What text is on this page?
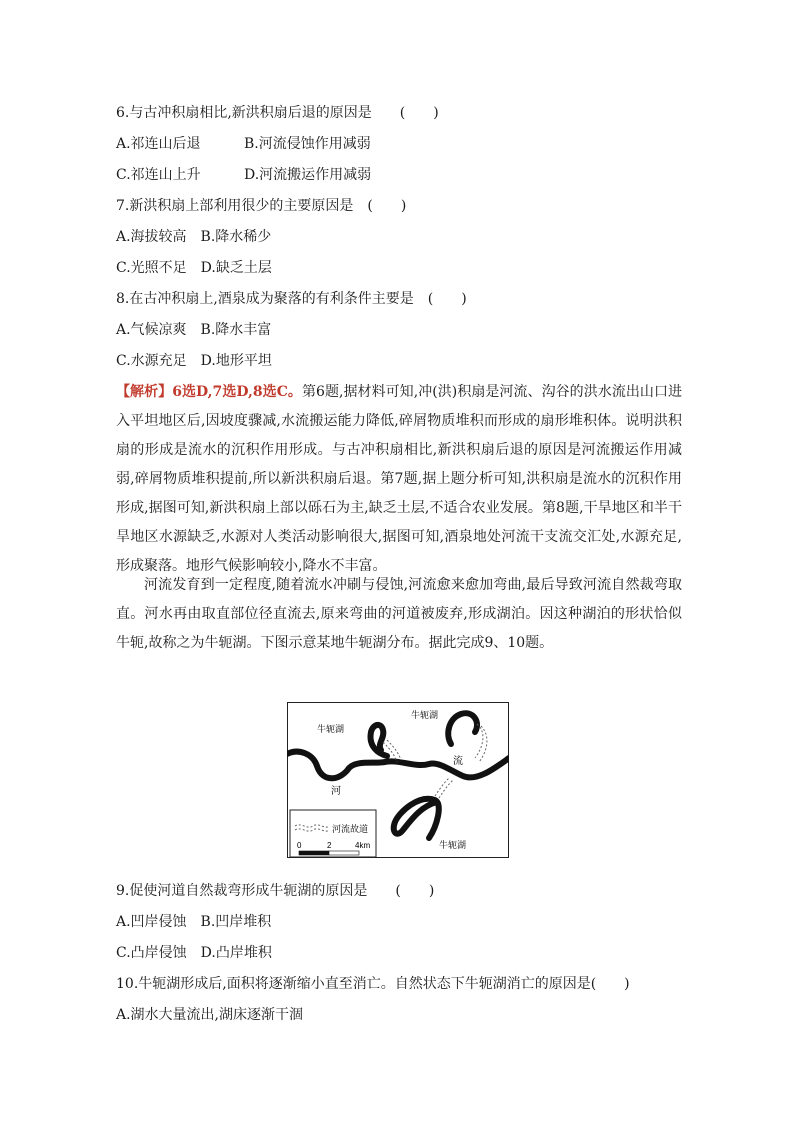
6.与古冲积扇相比,新洪积扇后退的原因是　　(　　)
A.祁连山后退	B.河流侵蚀作用减弱
C.祁连山上升	D.河流搬运作用减弱
7.新洪积扇上部利用很少的主要原因是　(　　)
A.海拔较高　B.降水稀少
C.光照不足　D.缺乏土层
8.在古冲积扇上,酒泉成为聚落的有利条件主要是　(　　)
A.气候凉爽　B.降水丰富
C.水源充足　D.地形平坦
【解析】6选D,7选D,8选C。第6题,据材料可知,冲(洪)积扇是河流、沟谷的洪水流出山口进入平坦地区后,因坡度骤减,水流搬运能力降低,碎屑物质堆积而形成的扇形堆积体。说明洪积扇的形成是流水的沉积作用形成。与古冲积扇相比,新洪积扇后退的原因是河流搬运作用减弱,碎屑物质堆积提前,所以新洪积扇后退。第7题,据上题分析可知,洪积扇是流水的沉积作用形成,据图可知,新洪积扇上部以砾石为主,缺乏土层,不适合农业发展。第8题,干旱地区和半干旱地区水源缺乏,水源对人类活动影响很大,据图可知,酒泉地处河流干支流交汇处,水源充足,形成聚落。地形气候影响较小,降水不丰富。
河流发育到一定程度,随着流水冲刷与侵蚀,河流愈来愈加弯曲,最后导致河流自然裁弯取直。河水再由取直部位径直流去,原来弯曲的河道被废弃,形成湖泊。因这种湖泊的形状恰似牛轭,故称之为牛轭湖。下图示意某地牛轭湖分布。据此完成9、10题。
牛轭湖
牛轭湖
牛轭湖
河
流
河流故道
0	2	4km
9.促使河道自然裁弯形成牛轭湖的原因是　　(　　)
A.凹岸侵蚀　B.凹岸堆积
C.凸岸侵蚀　D.凸岸堆积
10.牛轭湖形成后,面积将逐渐缩小直至消亡。自然状态下牛轭湖消亡的原因是(　　)
A.湖水大量流出,湖床逐渐干涸
